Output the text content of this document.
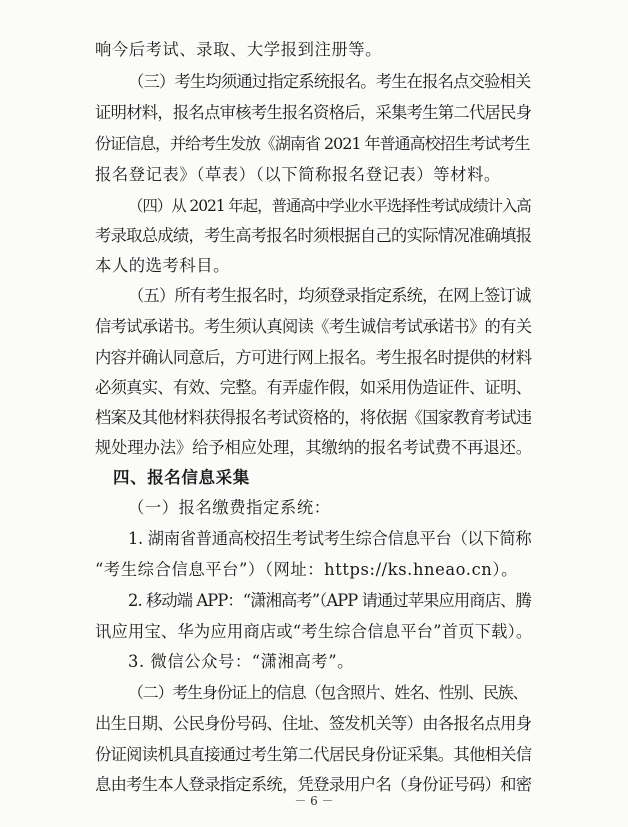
响今后考试、录取、大学报到注册等。
（三）考生均须通过指定系统报名。考生在报名点交验相关
证明材料，报名点审核考生报名资格后，采集考生第二代居民身
份证信息，并给考生发放《湖南省 2021 年普通高校招生考试考生
报名登记表》（草表）（以下简称报名登记表）等材料。
（四）从 2021 年起，普通高中学业水平选择性考试成绩计入高
考录取总成绩，考生高考报名时须根据自己的实际情况准确填报
本人的选考科目。
（五）所有考生报名时，均须登录指定系统，在网上签订诚
信考试承诺书。考生须认真阅读《考生诚信考试承诺书》的有关
内容并确认同意后，方可进行网上报名。考生报名时提供的材料
必须真实、有效、完整。有弄虚作假，如采用伪造证件、证明、
档案及其他材料获得报名考试资格的，将依据《国家教育考试违
规处理办法》给予相应处理，其缴纳的报名考试费不再退还。
四、报名信息采集
（一）报名缴费指定系统：
1. 湖南省普通高校招生考试考生综合信息平台（以下简称
“考生综合信息平台”）（网址：https://ks.hneao.cn）。
2. 移动端 APP：“潇湘高考”（APP 请通过苹果应用商店、腾
讯应用宝、华为应用商店或“考生综合信息平台”首页下载）。
3. 微信公众号：“潇湘高考”。
（二）考生身份证上的信息（包含照片、姓名、性别、民族、
出生日期、公民身份号码、住址、签发机关等）由各报名点用身
份证阅读机具直接通过考生第二代居民身份证采集。其他相关信
息由考生本人登录指定系统，凭登录用户名（身份证号码）和密
－ 6 －
